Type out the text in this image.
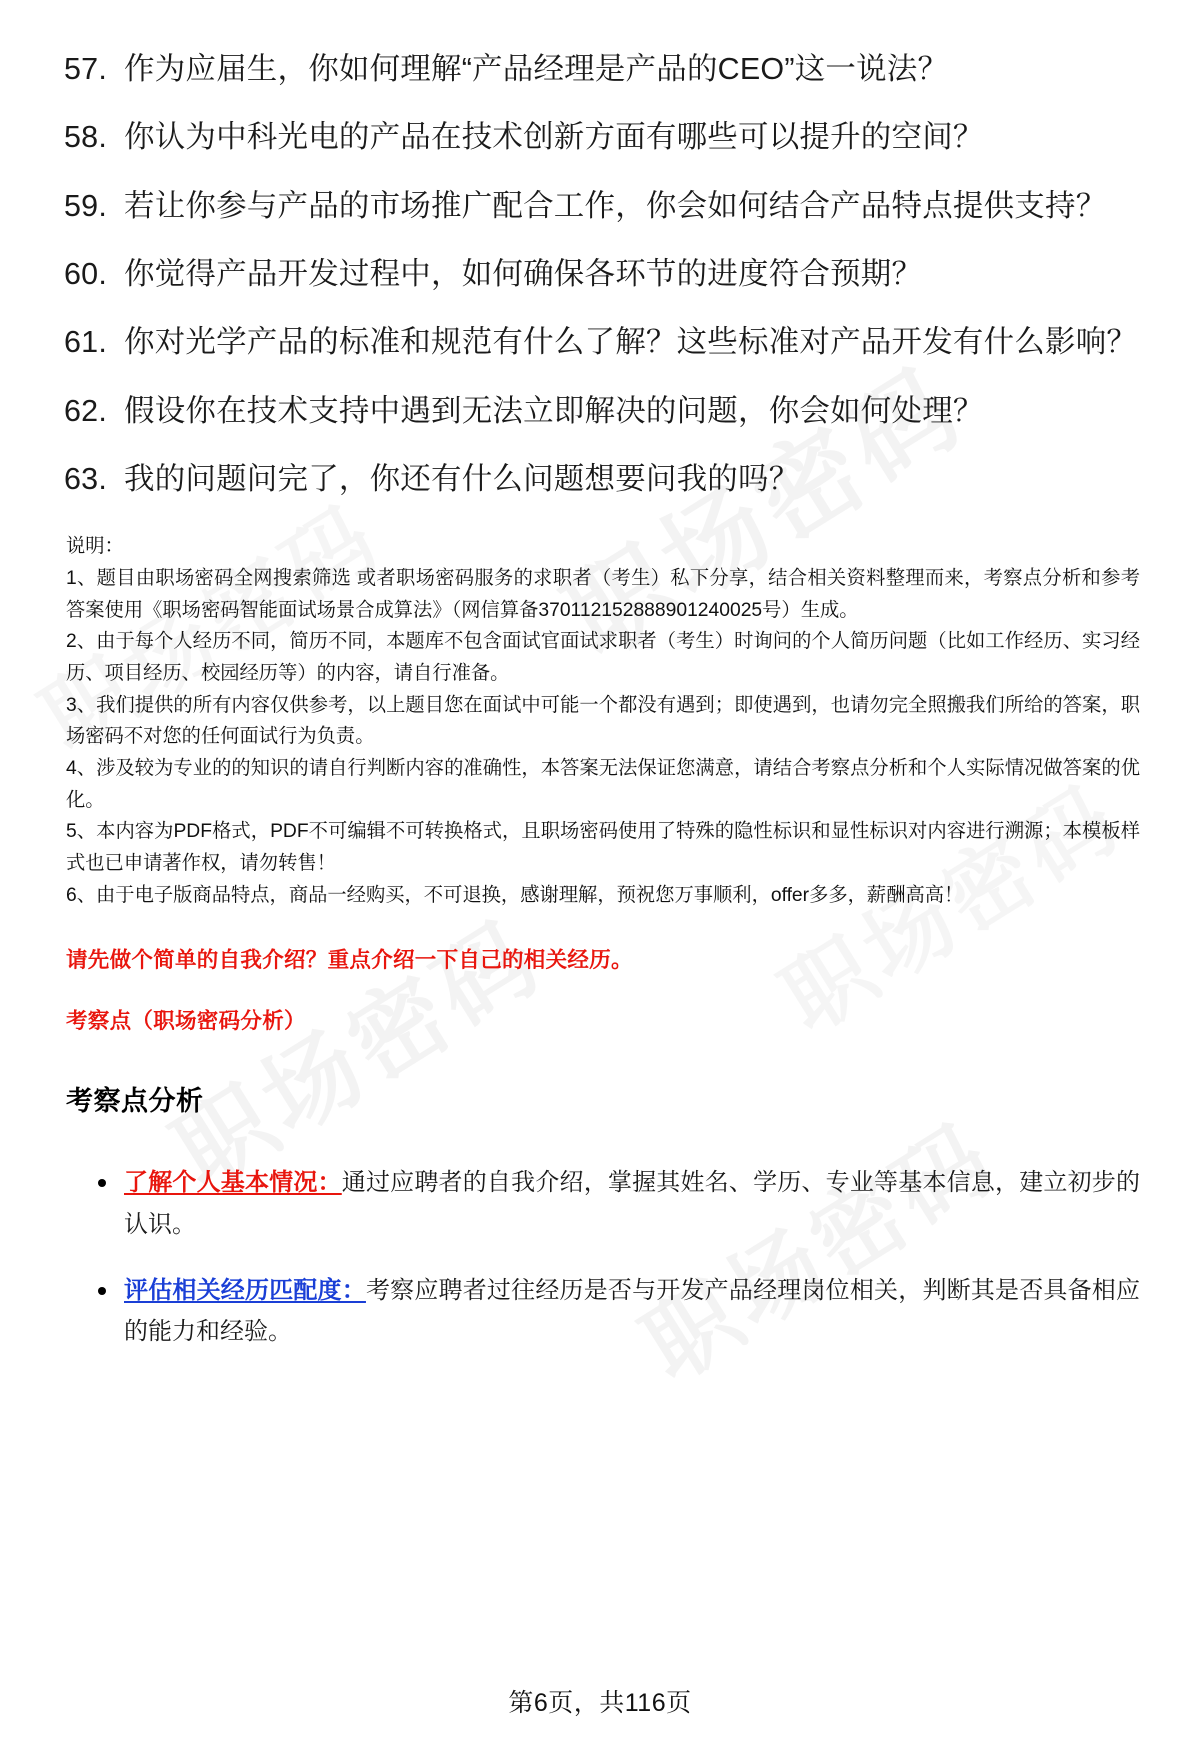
57. 作为应届生，你如何理解“产品经理是产品的CEO”这一说法？
58. 你认为中科光电的产品在技术创新方面有哪些可以提升的空间？
59. 若让你参与产品的市场推广配合工作，你会如何结合产品特点提供支持？
60. 你觉得产品开发过程中，如何确保各环节的进度符合预期？
61. 你对光学产品的标准和规范有什么了解？这些标准对产品开发有什么影响？
62. 假设你在技术支持中遇到无法立即解决的问题，你会如何处理？
63. 我的问题问完了，你还有什么问题想要问我的吗？
说明：
1、题目由职场密码全网搜索筛选 或者职场密码服务的求职者（考生）私下分享，结合相关资料整理而来，考察点分析和参考答案使用《职场密码智能面试场景合成算法》（网信算备370112152888901240025号）生成。
2、由于每个人经历不同，简历不同，本题库不包含面试官面试求职者（考生）时询问的个人简历问题（比如工作经历、实习经历、项目经历、校园经历等）的内容，请自行准备。
3、我们提供的所有内容仅供参考，以上题目您在面试中可能一个都没有遇到；即使遇到，也请勿完全照搬我们所给的答案，职场密码不对您的任何面试行为负责。
4、涉及较为专业的的知识的请自行判断内容的准确性，本答案无法保证您满意，请结合考察点分析和个人实际情况做答案的优化。
5、本内容为PDF格式，PDF不可编辑不可转换格式，且职场密码使用了特殊的隐性标识和显性标识对内容进行溯源；本模板样式也已申请著作权，请勿转售！
6、由于电子版商品特点，商品一经购买，不可退换，感谢理解，预祝您万事顺利，offer多多，薪酬高高！
请先做个简单的自我介绍？重点介绍一下自己的相关经历。
考察点（职场密码分析）
考察点分析
了解个人基本情况：通过应聘者的自我介绍，掌握其姓名、学历、专业等基本信息，建立初步的认识。
评估相关经历匹配度：考察应聘者过往经历是否与开发产品经理岗位相关，判断其是否具备相应的能力和经验。
第6页，共116页
